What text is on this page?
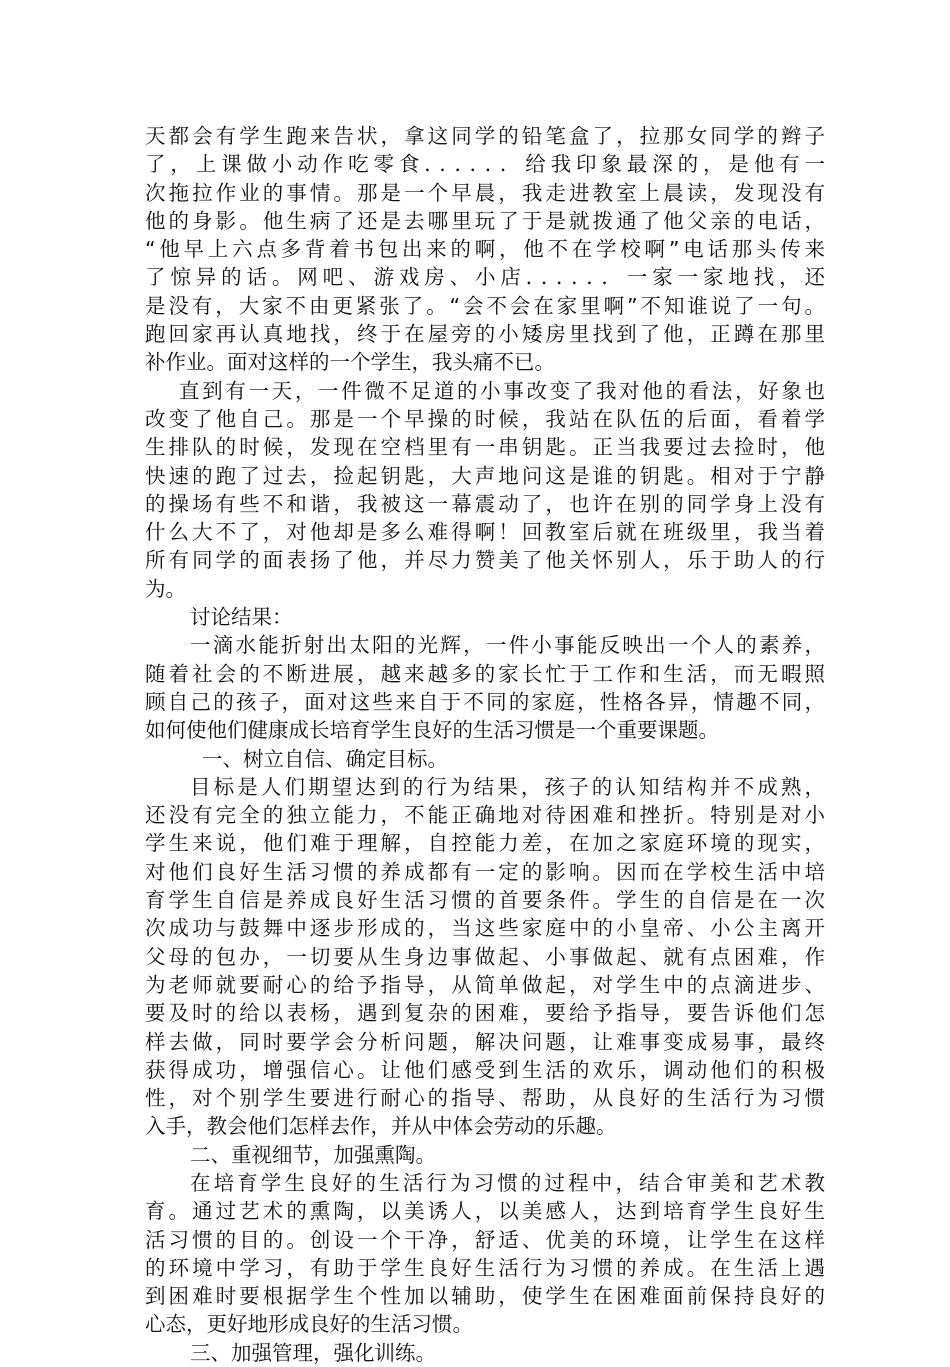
天都会有学生跑来告状，拿这同学的铅笔盒了，拉那女同学的辫子
了，上课做小动作吃零食．．．．．．给我印象最深的，是他有一
次拖拉作业的事情。那是一个早晨，我走进教室上晨读，发现没有
他的身影。他生病了还是去哪里玩了于是就拨通了他父亲的电话，
“他早上六点多背着书包出来的啊，他不在学校啊”电话那头传来
了惊异的话。网吧、游戏房、小店．．．．．．一家一家地找，还
是没有，大家不由更紧张了。“会不会在家里啊”不知谁说了一句。
跑回家再认真地找，终于在屋旁的小矮房里找到了他，正蹲在那里
补作业。面对这样的一个学生，我头痛不已。
直到有一天，一件微不足道的小事改变了我对他的看法，好象也
改变了他自己。那是一个早操的时候，我站在队伍的后面，看着学
生排队的时候，发现在空档里有一串钥匙。正当我要过去捡时，他
快速的跑了过去，捡起钥匙，大声地问这是谁的钥匙。相对于宁静
的操场有些不和谐，我被这一幕震动了，也许在别的同学身上没有
什么大不了，对他却是多么难得啊！回教室后就在班级里，我当着
所有同学的面表扬了他，并尽力赞美了他关怀别人，乐于助人的行
为。
讨论结果：
一滴水能折射出太阳的光辉，一件小事能反映出一个人的素养，
随着社会的不断进展，越来越多的家长忙于工作和生活，而无暇照
顾自己的孩子，面对这些来自于不同的家庭，性格各异，情趣不同，
如何使他们健康成长培育学生良好的生活习惯是一个重要课题。
一、树立自信、确定目标。
目标是人们期望达到的行为结果，孩子的认知结构并不成熟，
还没有完全的独立能力，不能正确地对待困难和挫折。特别是对小
学生来说，他们难于理解，自控能力差，在加之家庭环境的现实，
对他们良好生活习惯的养成都有一定的影响。因而在学校生活中培
育学生自信是养成良好生活习惯的首要条件。学生的自信是在一次
次成功与鼓舞中逐步形成的，当这些家庭中的小皇帝、小公主离开
父母的包办，一切要从生身边事做起、小事做起、就有点困难，作
为老师就要耐心的给予指导，从简单做起，对学生中的点滴进步、
要及时的给以表杨，遇到复杂的困难，要给予指导，要告诉他们怎
样去做，同时要学会分析问题，解决问题，让难事变成易事，最终
获得成功，增强信心。让他们感受到生活的欢乐，调动他们的积极
性，对个别学生要进行耐心的指导、帮助，从良好的生活行为习惯
入手，教会他们怎样去作，并从中体会劳动的乐趣。
二、重视细节，加强熏陶。
在培育学生良好的生活行为习惯的过程中，结合审美和艺术教
育。通过艺术的熏陶，以美诱人，以美感人，达到培育学生良好生
活习惯的目的。创设一个干净，舒适、优美的环境，让学生在这样
的环境中学习，有助于学生良好生活行为习惯的养成。在生活上遇
到困难时要根据学生个性加以辅助，使学生在困难面前保持良好的
心态，更好地形成良好的生活习惯。
三、加强管理，强化训练。
